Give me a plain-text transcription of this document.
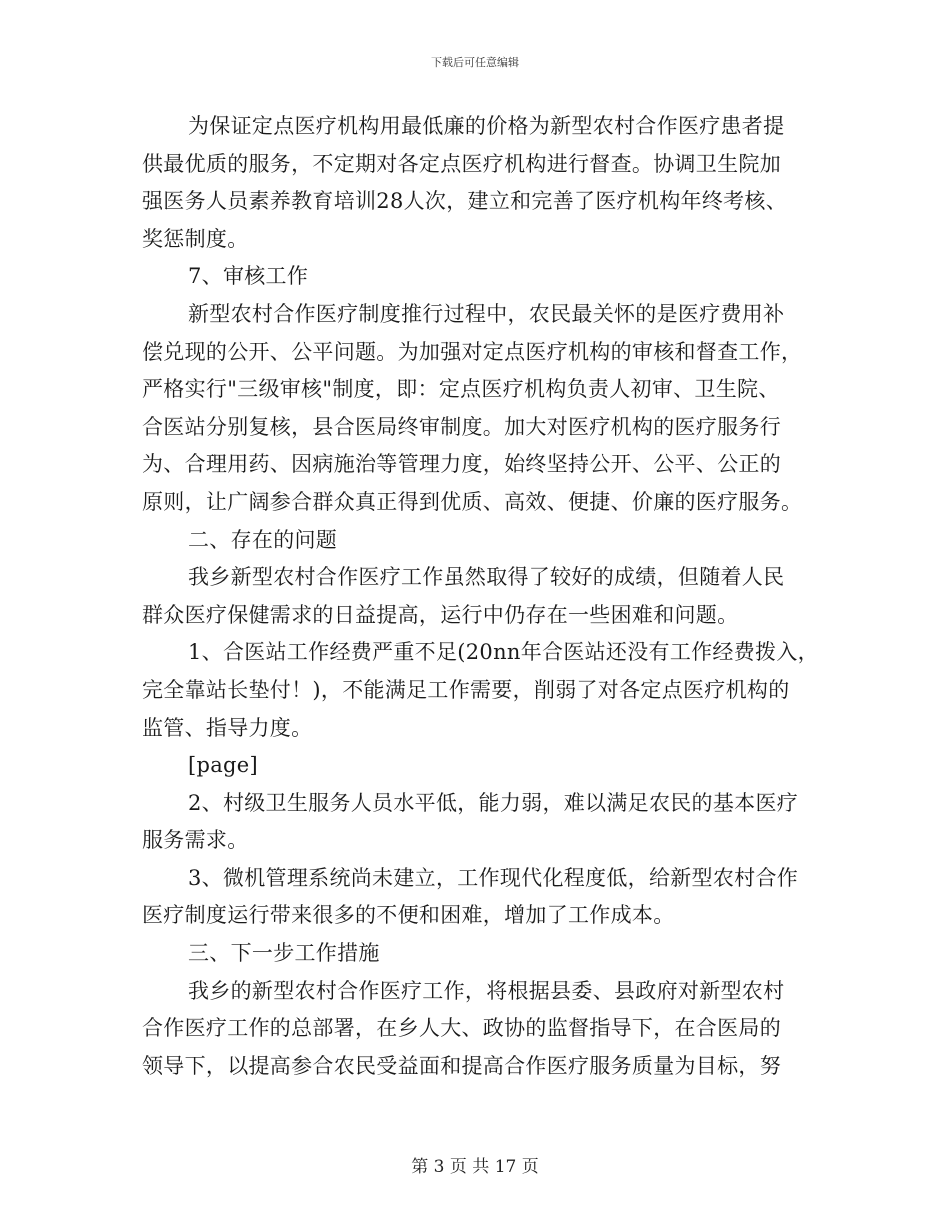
下载后可任意编辑
为保证定点医疗机构用最低廉的价格为新型农村合作医疗患者提
供最优质的服务，不定期对各定点医疗机构进行督查。协调卫生院加
强医务人员素养教育培训28人次，建立和完善了医疗机构年终考核、
奖惩制度。
7、审核工作
新型农村合作医疗制度推行过程中，农民最关怀的是医疗费用补
偿兑现的公开、公平问题。为加强对定点医疗机构的审核和督查工作，
严格实行"三级审核"制度，即：定点医疗机构负责人初审、卫生院、
合医站分别复核，县合医局终审制度。加大对医疗机构的医疗服务行
为、合理用药、因病施治等管理力度，始终坚持公开、公平、公正的
原则，让广阔参合群众真正得到优质、高效、便捷、价廉的医疗服务。
二、存在的问题
我乡新型农村合作医疗工作虽然取得了较好的成绩，但随着人民
群众医疗保健需求的日益提高，运行中仍存在一些困难和问题。
1、合医站工作经费严重不足(20nn年合医站还没有工作经费拨入，
完全靠站长垫付！)，不能满足工作需要，削弱了对各定点医疗机构的
监管、指导力度。
[page]
2、村级卫生服务人员水平低，能力弱，难以满足农民的基本医疗
服务需求。
3、微机管理系统尚未建立，工作现代化程度低，给新型农村合作
医疗制度运行带来很多的不便和困难，增加了工作成本。
三、下一步工作措施
我乡的新型农村合作医疗工作，将根据县委、县政府对新型农村
合作医疗工作的总部署，在乡人大、政协的监督指导下，在合医局的
领导下，以提高参合农民受益面和提高合作医疗服务质量为目标，努
第 3 页 共 17 页
